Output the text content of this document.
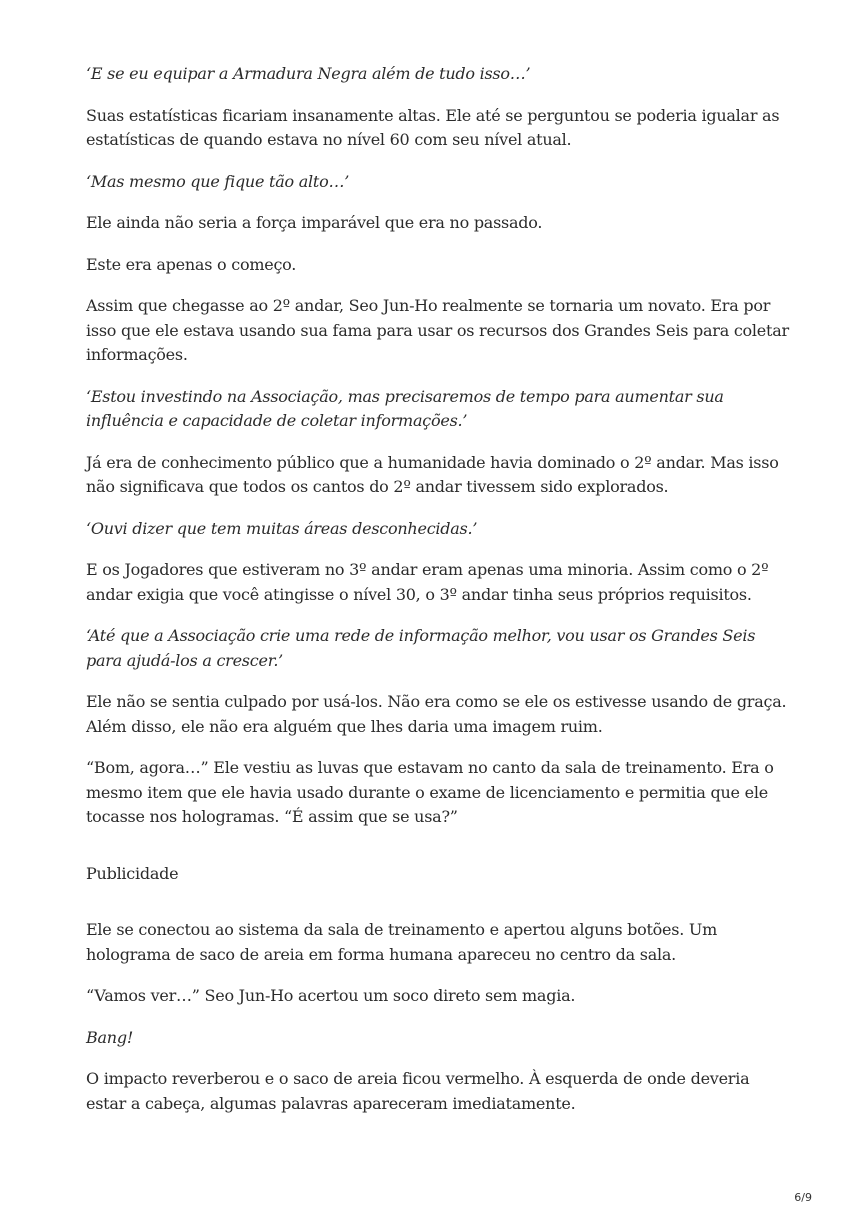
‘E se eu equipar a Armadura Negra além de tudo isso…’

Suas estatísticas ficariam insanamente altas. Ele até se perguntou se poderia igualar as estatísticas de quando estava no nível 60 com seu nível atual.

‘Mas mesmo que fique tão alto…’

Ele ainda não seria a força imparável que era no passado.

Este era apenas o começo.

Assim que chegasse ao 2º andar, Seo Jun-Ho realmente se tornaria um novato. Era por isso que ele estava usando sua fama para usar os recursos dos Grandes Seis para coletar informações.

‘Estou investindo na Associação, mas precisaremos de tempo para aumentar sua influência e capacidade de coletar informações.’

Já era de conhecimento público que a humanidade havia dominado o 2º andar. Mas isso não significava que todos os cantos do 2º andar tivessem sido explorados.

‘Ouvi dizer que tem muitas áreas desconhecidas.’

E os Jogadores que estiveram no 3º andar eram apenas uma minoria. Assim como o 2º andar exigia que você atingisse o nível 30, o 3º andar tinha seus próprios requisitos.

‘Até que a Associação crie uma rede de informação melhor, vou usar os Grandes Seis para ajudá-los a crescer.’

Ele não se sentia culpado por usá-los. Não era como se ele os estivesse usando de graça. Além disso, ele não era alguém que lhes daria uma imagem ruim.

“Bom, agora…” Ele vestiu as luvas que estavam no canto da sala de treinamento. Era o mesmo item que ele havia usado durante o exame de licenciamento e permitia que ele tocasse nos hologramas. “É assim que se usa?”

Publicidade

Ele se conectou ao sistema da sala de treinamento e apertou alguns botões. Um holograma de saco de areia em forma humana apareceu no centro da sala.

“Vamos ver…” Seo Jun-Ho acertou um soco direto sem magia.

Bang!

O impacto reverberou e o saco de areia ficou vermelho. À esquerda de onde deveria estar a cabeça, algumas palavras apareceram imediatamente.

6/9
